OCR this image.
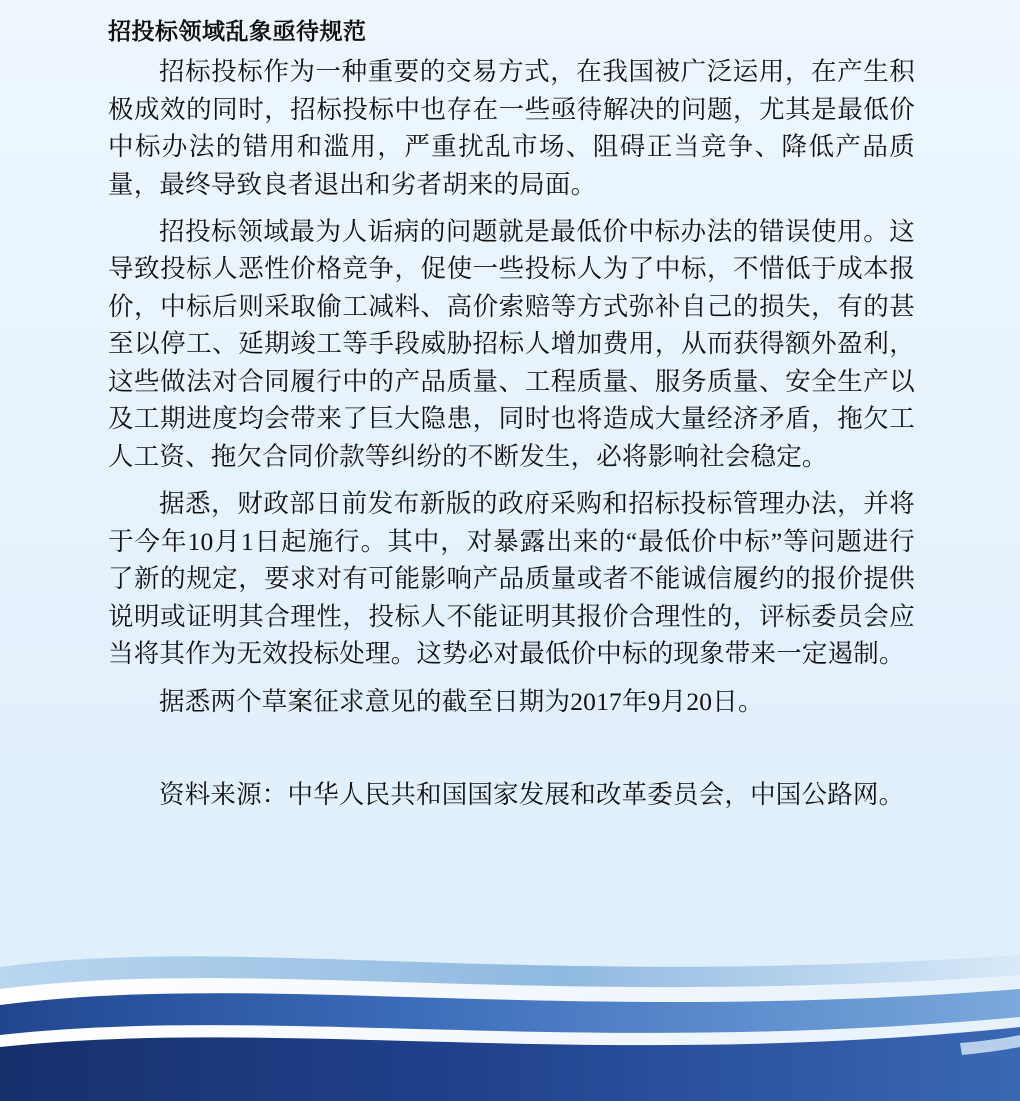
招投标领域乱象亟待规范

招标投标作为一种重要的交易方式，在我国被广泛运用，在产生积极成效的同时，招标投标中也存在一些亟待解决的问题，尤其是最低价中标办法的错用和滥用，严重扰乱市场、阻碍正当竞争、降低产品质量，最终导致良者退出和劣者胡来的局面。

招投标领域最为人诟病的问题就是最低价中标办法的错误使用。这导致投标人恶性价格竞争，促使一些投标人为了中标，不惜低于成本报价，中标后则采取偷工减料、高价索赔等方式弥补自己的损失，有的甚至以停工、延期竣工等手段威胁招标人增加费用，从而获得额外盈利，这些做法对合同履行中的产品质量、工程质量、服务质量、安全生产以及工期进度均会带来了巨大隐患，同时也将造成大量经济矛盾，拖欠工人工资、拖欠合同价款等纠纷的不断发生，必将影响社会稳定。

据悉，财政部日前发布新版的政府采购和招标投标管理办法，并将于今年10月1日起施行。其中，对暴露出来的“最低价中标”等问题进行了新的规定，要求对有可能影响产品质量或者不能诚信履约的报价提供说明或证明其合理性，投标人不能证明其报价合理性的，评标委员会应当将其作为无效投标处理。这势必对最低价中标的现象带来一定遏制。

据悉两个草案征求意见的截至日期为2017年9月20日。

资料来源：中华人民共和国国家发展和改革委员会，中国公路网。
